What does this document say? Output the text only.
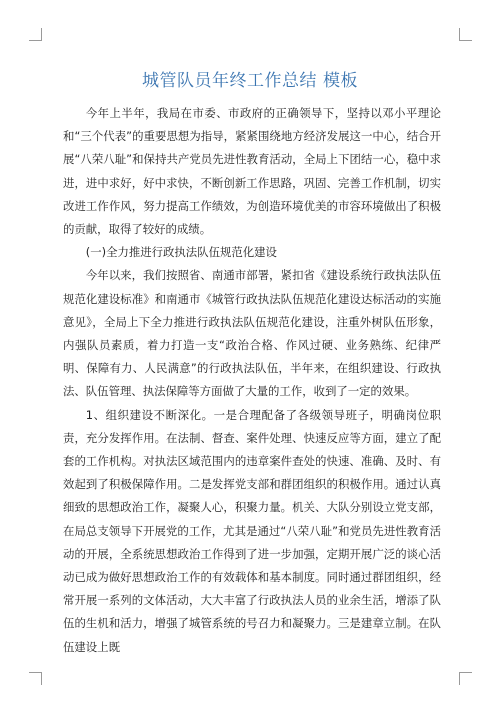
城管队员年终工作总结 模板

今年上半年，我局在市委、市政府的正确领导下，坚持以邓小平理论和“三个代表”的重要思想为指导，紧紧围绕地方经济发展这一中心，结合开展“八荣八耻”和保持共产党员先进性教育活动，全局上下团结一心，稳中求进，进中求好，好中求快，不断创新工作思路，巩固、完善工作机制，切实改进工作作风，努力提高工作绩效，为创造环境优美的市容环境做出了积极的贡献，取得了较好的成绩。

(一)全力推进行政执法队伍规范化建设

今年以来，我们按照省、南通市部署，紧扣省《建设系统行政执法队伍规范化建设标准》和南通市《城管行政执法队伍规范化建设达标活动的实施意见》，全局上下全力推进行政执法队伍规范化建设，注重外树队伍形象，内强队员素质，着力打造一支“政治合格、作风过硬、业务熟练、纪律严明、保障有力、人民满意”的行政执法队伍，半年来，在组织建设、行政执法、队伍管理、执法保障等方面做了大量的工作，收到了一定的效果。

1、组织建设不断深化。一是合理配备了各级领导班子，明确岗位职责，充分发挥作用。在法制、督查、案件处理、快速反应等方面，建立了配套的工作机构。对执法区域范围内的违章案件查处的快速、准确、及时、有效起到了积极保障作用。二是发挥党支部和群团组织的积极作用。通过认真细致的思想政治工作，凝聚人心，积聚力量。机关、大队分别设立党支部，在局总支领导下开展党的工作，尤其是通过“八荣八耻”和党员先进性教育活动的开展，全系统思想政治工作得到了进一步加强，定期开展广泛的谈心活动已成为做好思想政治工作的有效载体和基本制度。同时通过群团组织，经常开展一系列的文体活动，大大丰富了行政执法人员的业余生活，增添了队伍的生机和活力，增强了城管系统的号召力和凝聚力。三是建章立制。在队伍建设上既
